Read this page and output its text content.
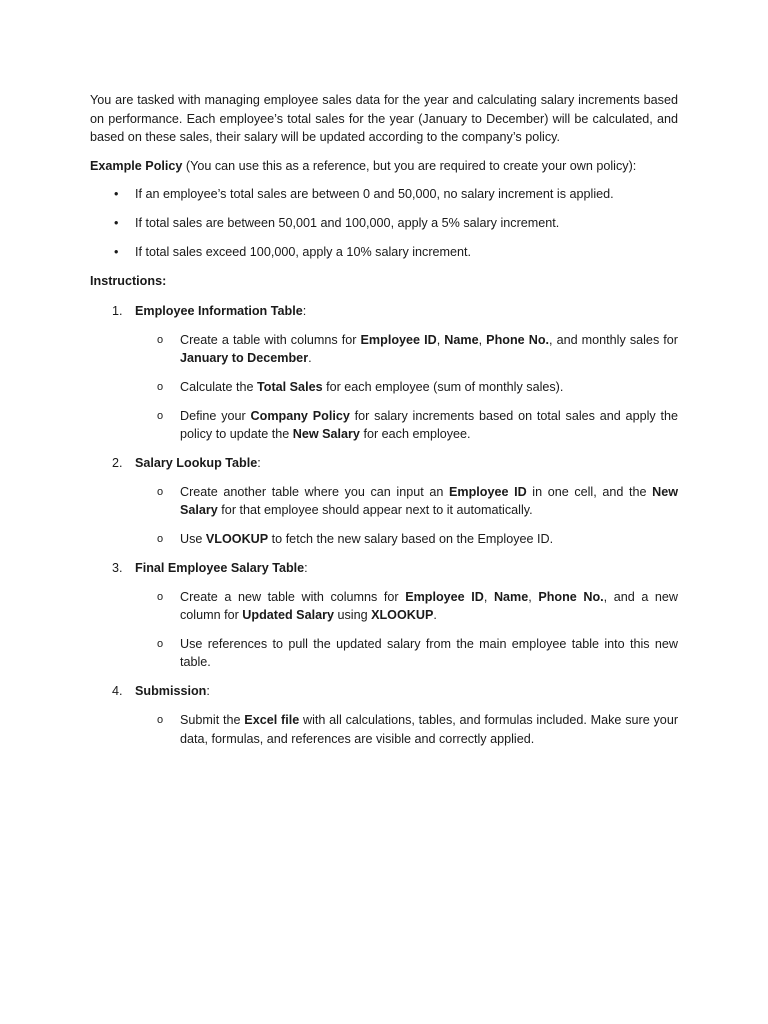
You are tasked with managing employee sales data for the year and calculating salary increments based on performance. Each employee’s total sales for the year (January to December) will be calculated, and based on these sales, their salary will be updated according to the company’s policy.

Example Policy (You can use this as a reference, but you are required to create your own policy):

• If an employee’s total sales are between 0 and 50,000, no salary increment is applied.
• If total sales are between 50,001 and 100,000, apply a 5% salary increment.
• If total sales exceed 100,000, apply a 10% salary increment.

Instructions:

1. Employee Information Table:
o Create a table with columns for Employee ID, Name, Phone No., and monthly sales for January to December.
o Calculate the Total Sales for each employee (sum of monthly sales).
o Define your Company Policy for salary increments based on total sales and apply the policy to update the New Salary for each employee.
2. Salary Lookup Table:
o Create another table where you can input an Employee ID in one cell, and the New Salary for that employee should appear next to it automatically.
o Use VLOOKUP to fetch the new salary based on the Employee ID.
3. Final Employee Salary Table:
o Create a new table with columns for Employee ID, Name, Phone No., and a new column for Updated Salary using XLOOKUP.
o Use references to pull the updated salary from the main employee table into this new table.
4. Submission:
o Submit the Excel file with all calculations, tables, and formulas included. Make sure your data, formulas, and references are visible and correctly applied.
